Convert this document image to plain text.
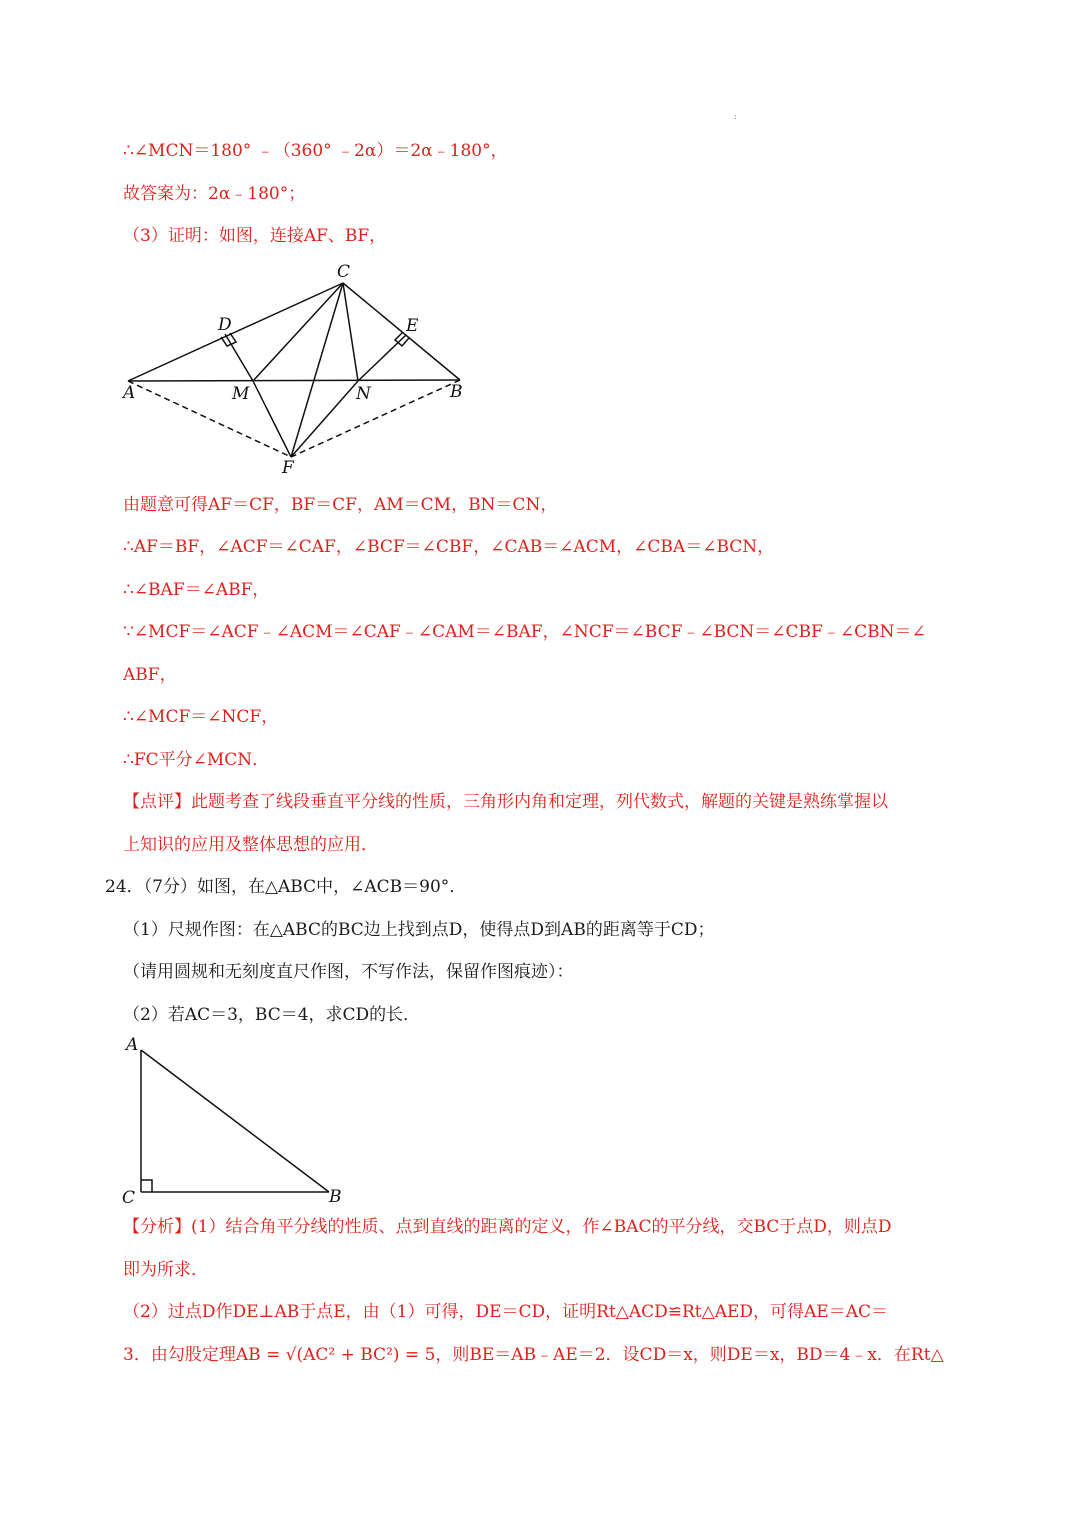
:
∴∠MCN＝180° ﹣（360° ﹣2α）＝2α﹣180°，
故答案为：2α﹣180°；
（3）证明：如图，连接AF、BF，
C
D	E
A	M	N	B
F
由题意可得AF＝CF，BF＝CF，AM＝CM，BN＝CN，
∴AF＝BF，∠ACF＝∠CAF，∠BCF＝∠CBF，∠CAB＝∠ACM，∠CBA＝∠BCN，
∴∠BAF＝∠ABF，
∵∠MCF＝∠ACF﹣∠ACM＝∠CAF﹣∠CAM＝∠BAF，∠NCF＝∠BCF﹣∠BCN＝∠CBF﹣∠CBN＝∠
ABF，
∴∠MCF＝∠NCF，
∴FC平分∠MCN．
【点评】此题考查了线段垂直平分线的性质，三角形内角和定理，列代数式，解题的关键是熟练掌握以
上知识的应用及整体思想的应用．
24．（7分）如图，在△ABC中，∠ACB＝90°．
（1）尺规作图：在△ABC的BC边上找到点D，使得点D到AB的距离等于CD；
（请用圆规和无刻度直尺作图，不写作法，保留作图痕迹）：
（2）若AC＝3，BC＝4，求CD的长．
A
C	B
【分析】(1）结合角平分线的性质、点到直线的距离的定义，作∠BAC的平分线，交BC于点D，则点D
即为所求．
（2）过点D作DE⊥AB于点E，由（1）可得，DE＝CD，证明Rt△ACD≌Rt△AED，可得AE＝AC＝
3．由勾股定理AB = √(AC² + BC²) = 5，则BE＝AB﹣AE＝2．设CD＝x，则DE＝x，BD＝4﹣x．在Rt△
